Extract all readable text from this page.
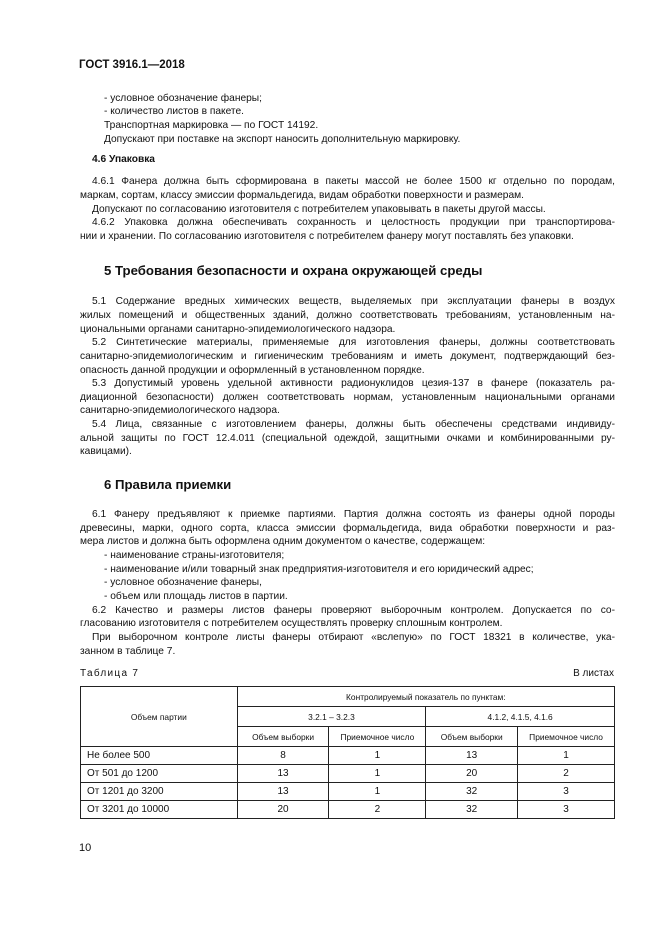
ГОСТ 3916.1—2018
- условное обозначение фанеры;
- количество листов в пакете.
Транспортная маркировка — по ГОСТ 14192.
Допускают при поставке на экспорт наносить дополнительную маркировку.
4.6 Упаковка
4.6.1 Фанера должна быть сформирована в пакеты массой не более 1500 кг отдельно по породам,
маркам, сортам, классу эмиссии формальдегида, видам обработки поверхности и размерам.
Допускают по согласованию изготовителя с потребителем упаковывать в пакеты другой массы.
4.6.2 Упаковка должна обеспечивать сохранность и целостность продукции при транспортирова-
нии и хранении. По согласованию изготовителя с потребителем фанеру могут поставлять без упаковки.
5 Требования безопасности и охрана окружающей среды
5.1 Содержание вредных химических веществ, выделяемых при эксплуатации фанеры в воздух
жилых помещений и общественных зданий, должно соответствовать требованиям, установленным на-
циональными органами санитарно-эпидемиологического надзора.
5.2 Синтетические материалы, применяемые для изготовления фанеры, должны соответствовать
санитарно-эпидемиологическим и гигиеническим требованиям и иметь документ, подтверждающий без-
опасность данной продукции и оформленный в установленном порядке.
5.3 Допустимый уровень удельной активности радионуклидов цезия-137 в фанере (показатель ра-
диационной безопасности) должен соответствовать нормам, установленным национальными органами
санитарно-эпидемиологического надзора.
5.4 Лица, связанные с изготовлением фанеры, должны быть обеспечены средствами индивиду-
альной защиты по ГОСТ 12.4.011 (специальной одеждой, защитными очками и комбинированными ру-
кавицами).
6 Правила приемки
6.1 Фанеру предъявляют к приемке партиями. Партия должна состоять из фанеры одной породы
древесины, марки, одного сорта, класса эмиссии формальдегида, вида обработки поверхности и раз-
мера листов и должна быть оформлена одним документом о качестве, содержащем:
- наименование страны-изготовителя;
- наименование и/или товарный знак предприятия-изготовителя и его юридический адрес;
- условное обозначение фанеры,
- объем или площадь листов в партии.
6.2 Качество и размеры листов фанеры проверяют выборочным контролем. Допускается по со-
гласованию изготовителя с потребителем осуществлять проверку сплошным контролем.
При выборочном контроле листы фанеры отбирают «вслепую» по ГОСТ 18321 в количестве, ука-
занном в таблице 7.
Таблица 7	В листах
Объем партии	Контролируемый показатель по пунктам:			
	3.2.1 – 3.2.3		4.1.2, 4.1.5, 4.1.6	
	Объем выборки	Приемочное число	Объем выборки	Приемочное число
Не более 500	8	1	13	1
От 501 до 1200	13	1	20	2
От 1201 до 3200	13	1	32	3
От 3201 до 10000	20	2	32	3
10
